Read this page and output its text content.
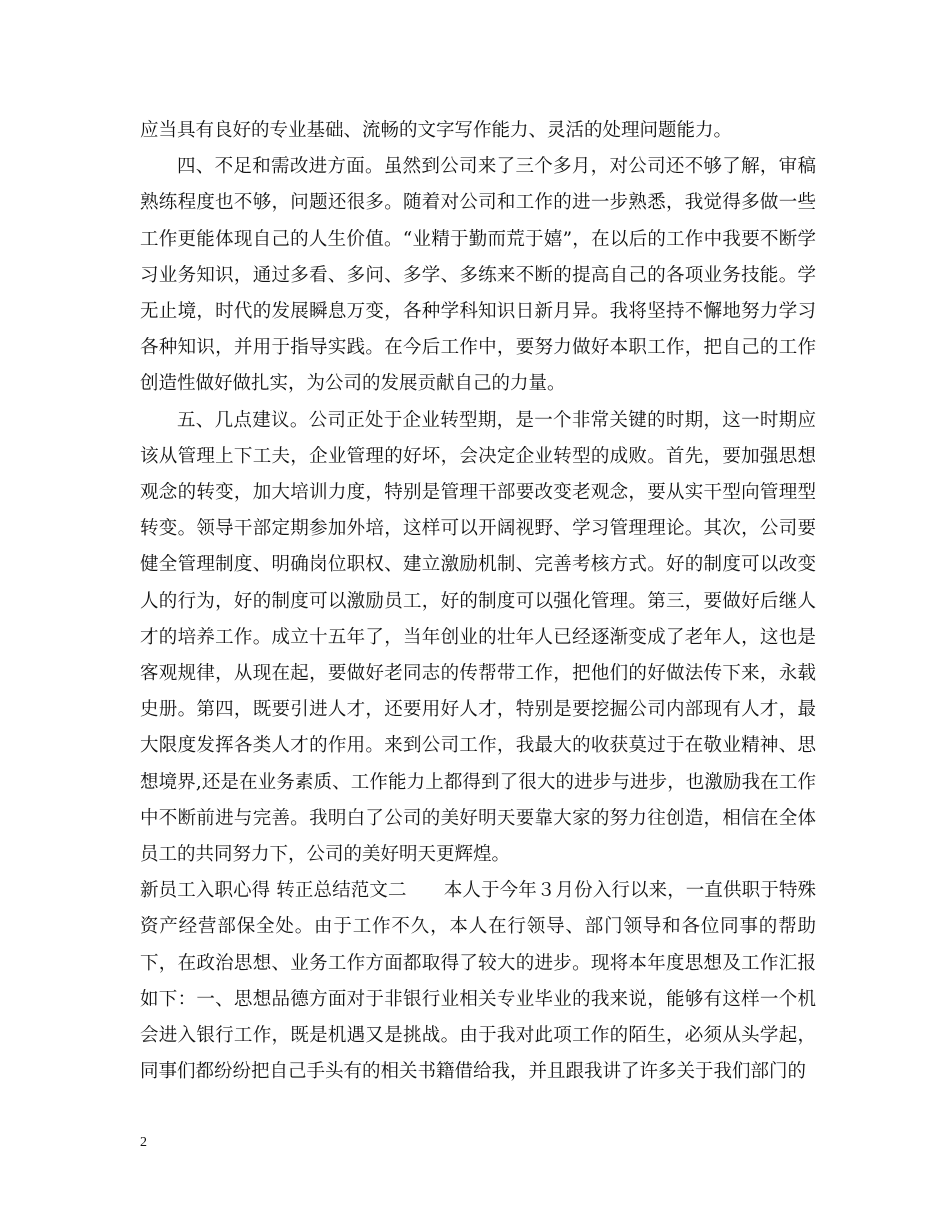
应当具有良好的专业基础、流畅的文字写作能力、灵活的处理问题能力。

四、不足和需改进方面。虽然到公司来了三个多月，对公司还不够了解，审稿熟练程度也不够，问题还很多。随着对公司和工作的进一步熟悉，我觉得多做一些工作更能体现自己的人生价值。“业精于勤而荒于嬉”，在以后的工作中我要不断学习业务知识，通过多看、多问、多学、多练来不断的提高自己的各项业务技能。学无止境，时代的发展瞬息万变，各种学科知识日新月异。我将坚持不懈地努力学习各种知识，并用于指导实践。在今后工作中，要努力做好本职工作，把自己的工作创造性做好做扎实，为公司的发展贡献自己的力量。

五、几点建议。公司正处于企业转型期，是一个非常关键的时期，这一时期应该从管理上下工夫，企业管理的好坏，会决定企业转型的成败。首先，要加强思想观念的转变，加大培训力度，特别是管理干部要改变老观念，要从实干型向管理型转变。领导干部定期参加外培，这样可以开阔视野、学习管理理论。其次，公司要健全管理制度、明确岗位职权、建立激励机制、完善考核方式。好的制度可以改变人的行为，好的制度可以激励员工，好的制度可以强化管理。第三，要做好后继人才的培养工作。成立十五年了，当年创业的壮年人已经逐渐变成了老年人，这也是客观规律，从现在起，要做好老同志的传帮带工作，把他们的好做法传下来，永载史册。第四，既要引进人才，还要用好人才，特别是要挖掘公司内部现有人才，最大限度发挥各类人才的作用。来到公司工作，我最大的收获莫过于在敬业精神、思想境界,还是在业务素质、工作能力上都得到了很大的进步与进步，也激励我在工作中不断前进与完善。我明白了公司的美好明天要靠大家的努力往创造，相信在全体员工的共同努力下，公司的美好明天更辉煌。

新员工入职心得 转正总结范文二　　本人于今年３月份入行以来，一直供职于特殊资产经营部保全处。由于工作不久，本人在行领导、部门领导和各位同事的帮助下，在政治思想、业务工作方面都取得了较大的进步。现将本年度思想及工作汇报如下：一、思想品德方面对于非银行业相关专业毕业的我来说，能够有这样一个机会进入银行工作，既是机遇又是挑战。由于我对此项工作的陌生，必须从头学起，同事们都纷纷把自己手头有的相关书籍借给我，并且跟我讲了许多关于我们部门的

2
